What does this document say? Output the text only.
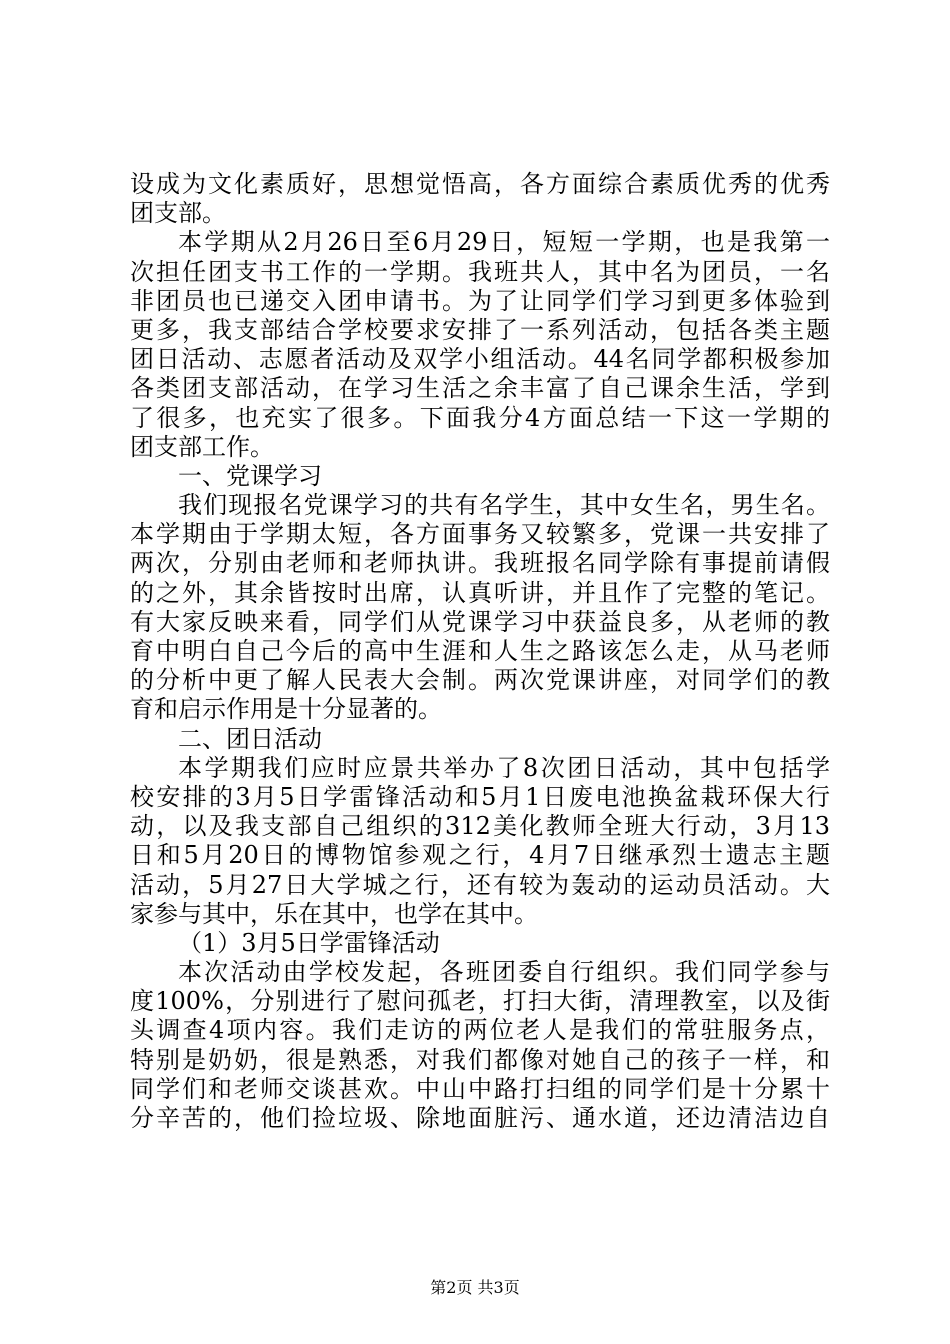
设成为文化素质好，思想觉悟高，各方面综合素质优秀的优秀
团支部。
本学期从2月26日至6月29日，短短一学期，也是我第一
次担任团支书工作的一学期。我班共人，其中名为团员，一名
非团员也已递交入团申请书。为了让同学们学习到更多体验到
更多，我支部结合学校要求安排了一系列活动，包括各类主题
团日活动、志愿者活动及双学小组活动。44名同学都积极参加
各类团支部活动，在学习生活之余丰富了自己课余生活，学到
了很多，也充实了很多。下面我分4方面总结一下这一学期的
团支部工作。
一、党课学习
我们现报名党课学习的共有名学生，其中女生名，男生名。
本学期由于学期太短，各方面事务又较繁多，党课一共安排了
两次，分别由老师和老师执讲。我班报名同学除有事提前请假
的之外，其余皆按时出席，认真听讲，并且作了完整的笔记。
有大家反映来看，同学们从党课学习中获益良多，从老师的教
育中明白自己今后的高中生涯和人生之路该怎么走，从马老师
的分析中更了解人民表大会制。两次党课讲座，对同学们的教
育和启示作用是十分显著的。
二、团日活动
本学期我们应时应景共举办了8次团日活动，其中包括学
校安排的3月5日学雷锋活动和5月1日废电池换盆栽环保大行
动，以及我支部自己组织的312美化教师全班大行动，3月13
日和5月20日的博物馆参观之行，4月7日继承烈士遗志主题
活动，5月27日大学城之行，还有较为轰动的运动员活动。大
家参与其中，乐在其中，也学在其中。
（1）3月5日学雷锋活动
本次活动由学校发起，各班团委自行组织。我们同学参与
度100%，分别进行了慰问孤老，打扫大街，清理教室，以及街
头调查4项内容。我们走访的两位老人是我们的常驻服务点，
特别是奶奶，很是熟悉，对我们都像对她自己的孩子一样，和
同学们和老师交谈甚欢。中山中路打扫组的同学们是十分累十
分辛苦的，他们捡垃圾、除地面脏污、通水道，还边清洁边自
第2页 共3页
